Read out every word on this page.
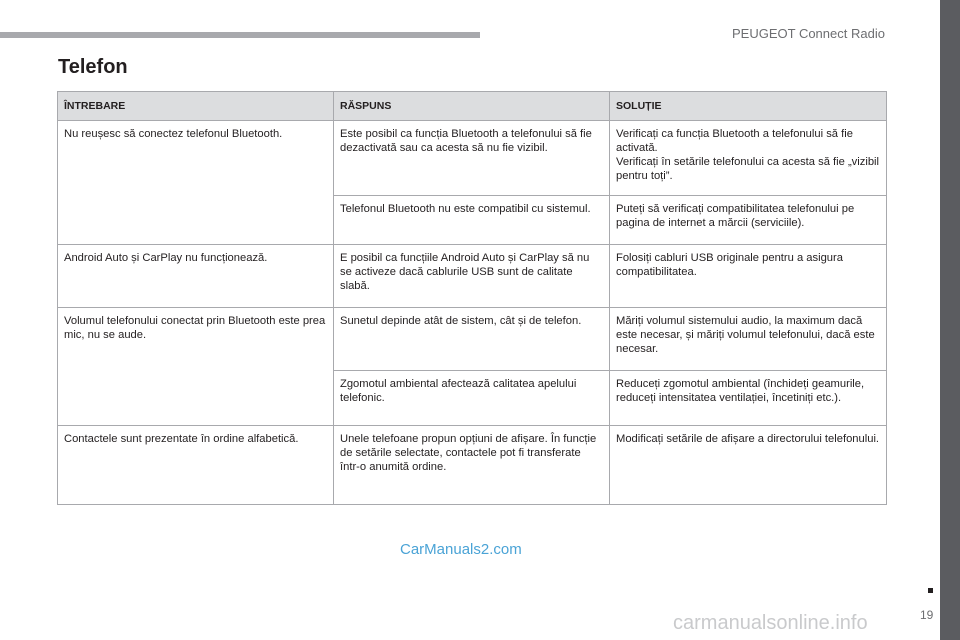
PEUGEOT Connect Radio
Telefon
ÎNTREBARE	RĂSPUNS	SOLUȚIE
Nu reușesc să conectez telefonul Bluetooth.	Este posibil ca funcția Bluetooth a telefonului să fie dezactivată sau ca acesta să nu fie vizibil.	Verificați ca funcția Bluetooth a telefonului să fie activată.
Verificați în setările telefonului ca acesta să fie „vizibil pentru toți”.
	Telefonul Bluetooth nu este compatibil cu sistemul.	Puteți să verificați compatibilitatea telefonului pe pagina de internet a mărcii (serviciile).
Android Auto și CarPlay nu funcționează.	E posibil ca funcțiile Android Auto și CarPlay să nu se activeze dacă cablurile USB sunt de calitate slabă.	Folosiți cabluri USB originale pentru a asigura compatibilitatea.
Volumul telefonului conectat prin Bluetooth este prea mic, nu se aude.	Sunetul depinde atât de sistem, cât și de telefon.	Măriți volumul sistemului audio, la maximum dacă este necesar, și măriți volumul telefonului, dacă este necesar.
	Zgomotul ambiental afectează calitatea apelului telefonic.	Reduceți zgomotul ambiental (închideți geamurile, reduceți intensitatea ventilației, încetiniți etc.).
Contactele sunt prezentate în ordine alfabetică.	Unele telefoane propun opțiuni de afișare. În funcție de setările selectate, contactele pot fi transferate într-o anumită ordine.	Modificați setările de afișare a directorului telefonului.
CarManuals2.com
carmanualsonline.info	19
